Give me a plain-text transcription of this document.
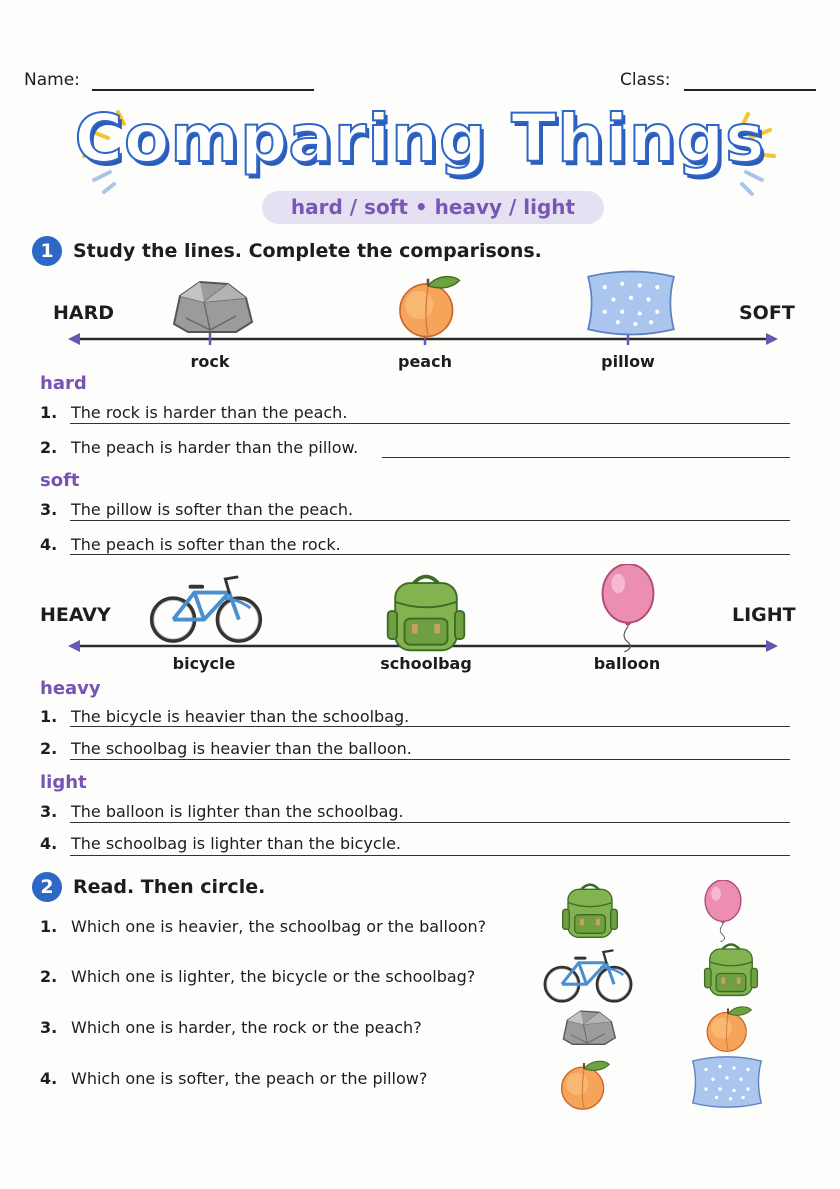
Name:	Class:
Comparing Things
hard / soft • heavy / light
1	Study the lines. Complete the comparisons.
HARD	SOFT
rock	peach	pillow
hard
1. The rock is harder than the peach.
2. The peach is harder than the pillow.
soft
3. The pillow is softer than the peach.
4. The peach is softer than the rock.
HEAVY	LIGHT
bicycle	schoolbag	balloon
heavy
1. The bicycle is heavier than the schoolbag.
2. The schoolbag is heavier than the balloon.
light
3. The balloon is lighter than the schoolbag.
4. The schoolbag is lighter than the bicycle.
2	Read. Then circle.
1. Which one is heavier, the schoolbag or the balloon?
2. Which one is lighter, the bicycle or the schoolbag?
3. Which one is harder, the rock or the peach?
4. Which one is softer, the peach or the pillow?
